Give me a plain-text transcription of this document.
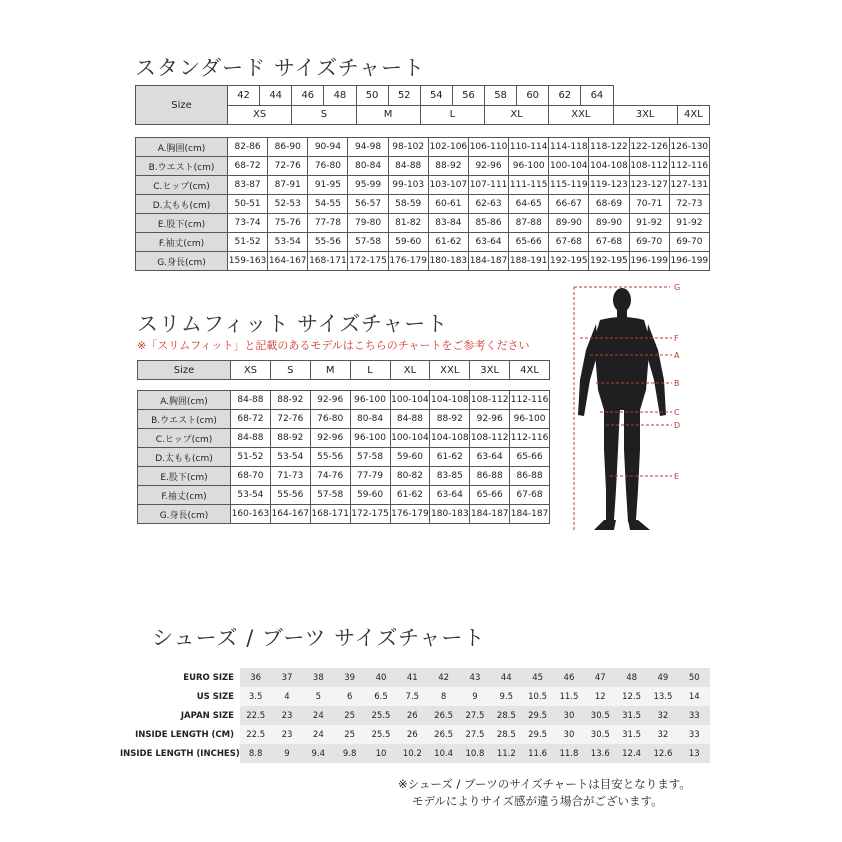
スタンダード サイズチャート
Size	42	44	46	48	50	52	54	56	58	60	62	64		
	XS		S		M		L		XL		XXL		3XL	4XL
A.胸囲(cm)	82-86	86-90	90-94	94-98	98-102	102-106	106-110	110-114	114-118	118-122	122-126	126-130
B.ウエスト(cm)	68-72	72-76	76-80	80-84	84-88	88-92	92-96	96-100	100-104	104-108	108-112	112-116
C.ヒップ(cm)	83-87	87-91	91-95	95-99	99-103	103-107	107-111	111-115	115-119	119-123	123-127	127-131
D.太もも(cm)	50-51	52-53	54-55	56-57	58-59	60-61	62-63	64-65	66-67	68-69	70-71	72-73
E.股下(cm)	73-74	75-76	77-78	79-80	81-82	83-84	85-86	87-88	89-90	89-90	91-92	91-92
F.袖丈(cm)	51-52	53-54	55-56	57-58	59-60	61-62	63-64	65-66	67-68	67-68	69-70	69-70
G.身長(cm)	159-163	164-167	168-171	172-175	176-179	180-183	184-187	188-191	192-195	192-195	196-199	196-199
スリムフィット サイズチャート
※「スリムフィット」と記載のあるモデルはこちらのチャートをご参考ください
Size	XS	S	M	L	XL	XXL	3XL	4XL
A.胸囲(cm)	84-88	88-92	92-96	96-100	100-104	104-108	108-112	112-116
B.ウエスト(cm)	68-72	72-76	76-80	80-84	84-88	88-92	92-96	96-100
C.ヒップ(cm)	84-88	88-92	92-96	96-100	100-104	104-108	108-112	112-116
D.太もも(cm)	51-52	53-54	55-56	57-58	59-60	61-62	63-64	65-66
E.股下(cm)	68-70	71-73	74-76	77-79	80-82	83-85	86-88	86-88
F.袖丈(cm)	53-54	55-56	57-58	59-60	61-62	63-64	65-66	67-68
G.身長(cm)	160-163	164-167	168-171	172-175	176-179	180-183	184-187	184-187
G
F
A
B
C
D
E
シューズ / ブーツ サイズチャート
EURO SIZE	36	37	38	39	40	41	42	43	44	45	46	47	48	49	50
US SIZE	3.5	4	5	6	6.5	7.5	8	9	9.5	10.5	11.5	12	12.5	13.5	14
JAPAN SIZE	22.5	23	24	25	25.5	26	26.5	27.5	28.5	29.5	30	30.5	31.5	32	33
INSIDE LENGTH (CM)	22.5	23	24	25	25.5	26	26.5	27.5	28.5	29.5	30	30.5	31.5	32	33
INSIDE LENGTH (INCHES)	8.8	9	9.4	9.8	10	10.2	10.4	10.8	11.2	11.6	11.8	13.6	12.4	12.6	13
※シューズ / ブーツのサイズチャートは目安となります。
モデルによりサイズ感が違う場合がございます。
